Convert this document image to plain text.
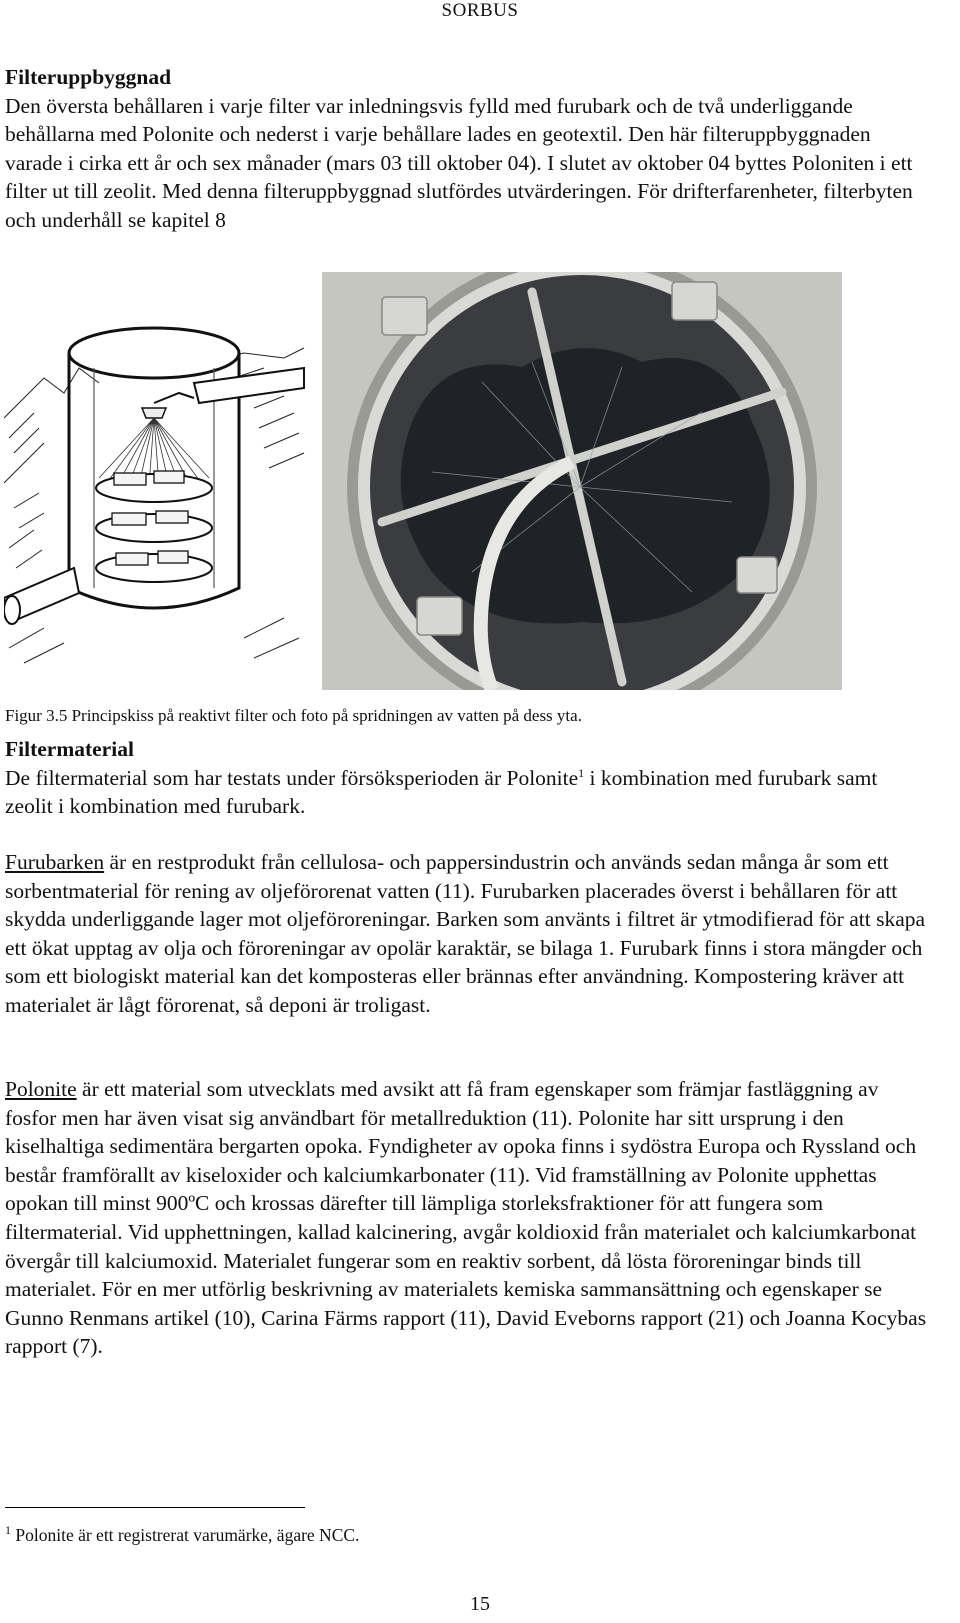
SORBUS
Filteruppbyggnad
Den översta behållaren i varje filter var inledningsvis fylld med furubark och de två underliggande behållarna med Polonite och nederst i varje behållare lades en geotextil. Den här filteruppbyggnaden varade i cirka ett år och sex månader (mars 03 till oktober 04). I slutet av oktober 04 byttes Poloniten i ett filter ut till zeolit. Med denna filteruppbyggnad slutfördes utvärderingen. För drifterfarenheter, filterbyten och underhåll se kapitel 8
Figur 3.5 Principskiss på reaktivt filter och foto på spridningen av vatten på dess yta.
Filtermaterial
De filtermaterial som har testats under försöksperioden är Polonite$^1$ i kombination med furubark samt zeolit i kombination med furubark.
Furubarken är en restprodukt från cellulosa- och pappersindustrin och används sedan många år som ett sorbentmaterial för rening av oljeförorenat vatten (11). Furubarken placerades överst i behållaren för att skydda underliggande lager mot oljeföroreningar. Barken som använts i filtret är ytmodifierad för att skapa ett ökat upptag av olja och föroreningar av opolär karaktär, se bilaga 1. Furubark finns i stora mängder och som ett biologiskt material kan det komposteras eller brännas efter användning. Kompostering kräver att materialet är lågt förorenat, så deponi är troligast.
Polonite är ett material som utvecklats med avsikt att få fram egenskaper som främjar fastläggning av fosfor men har även visat sig användbart för metallreduktion (11). Polonite har sitt ursprung i den kiselhaltiga sedimentära bergarten opoka. Fyndigheter av opoka finns i sydöstra Europa och Ryssland och består framförallt av kiseloxider och kalciumkarbonater (11). Vid framställning av Polonite upphettas opokan till minst 900ºC och krossas därefter till lämpliga storleksfraktioner för att fungera som filtermaterial. Vid upphettningen, kallad kalcinering, avgår koldioxid från materialet och kalciumkarbonat övergår till kalciumoxid. Materialet fungerar som en reaktiv sorbent, då lösta föroreningar binds till materialet. För en mer utförlig beskrivning av materialets kemiska sammansättning och egenskaper se Gunno Renmans artikel (10), Carina Färms rapport (11), David Eveborns rapport (21) och Joanna Kocybas rapport (7).
$^1$ Polonite är ett registrerat varumärke, ägare NCC.
15
